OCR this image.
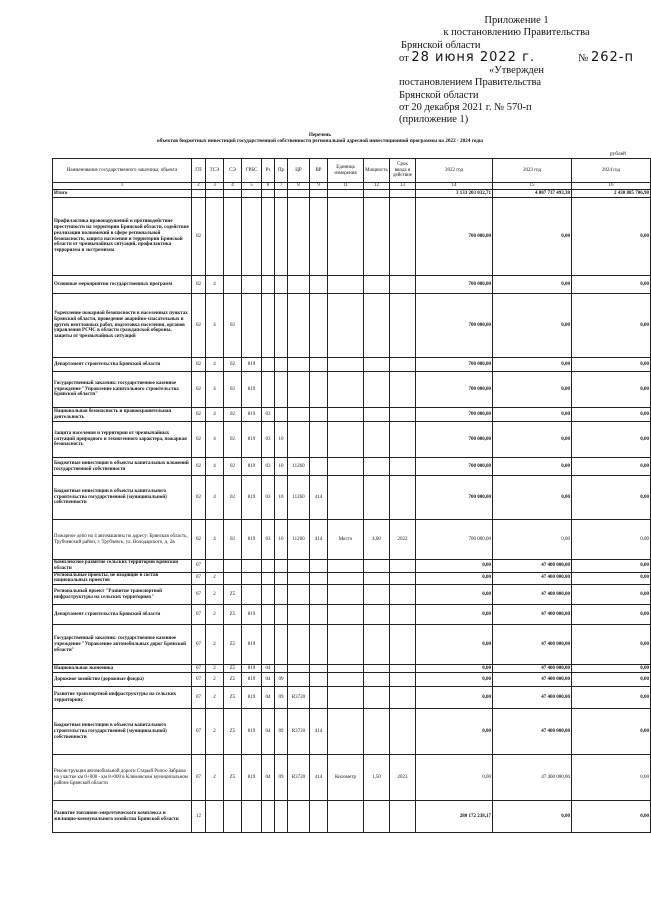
Приложение 1
к постановлению Правительства
Брянской области
от 28 июня 2022 г.	№ 262-п
«Утвержден
постановлением Правительства
Брянской области
от 20 декабря 2021 г. № 570-п
(приложение 1)
Перечень
объектов бюджетных инвестиций государственной собственности региональной адресной инвестиционной программы на 2022 - 2024 годы
рублей
Наименование государственного заказчика, объекта	ГП	ТСЭ	СЭ	ГРБС	Рз	Пр	ЦР	ВР	Единица измерения	Мощность	Срок ввода в действие	2022 год	2023 год	2024 год
1	2	3	4	5	6	7	8	9	11	12	13	14	15	16
Итого												3 133 203 032,71	4 807 737 493,38	2 430 885 706,98
Профилактика правонарушений и противодействие преступности на территории Брянской области, содействие реализации полномочий в сфере региональной безопасности, защита населения и территории Брянской области от чрезвычайных ситуаций, профилактика терроризма и экстремизма	02											700 000,00	0,00	0,00
Основные мероприятия государственных программ	02	4										700 000,00	0,00	0,00
Укрепление пожарной безопасности в населенных пунктах Брянской области, проведение аварийно-спасательных и других неотложных работ, подготовка населения, органов управления РСЧС в области гражданской обороны, защиты от чрезвычайных ситуаций	02	4	02									700 000,00	0,00	0,00
Департамент строительства Брянской области	02	4	02	819								700 000,00	0,00	0,00
Государственный заказчик: государственное казенное учреждение "Управление капитального строительства Брянской области"	02	4	02	819								700 000,00	0,00	0,00
Национальная безопасность и правоохранительная деятельность	02	4	02	819	03							700 000,00	0,00	0,00
Защита населения и территории от чрезвычайных ситуаций природного и техногенного характера, пожарная безопасность	02	4	02	819	03	10						700 000,00	0,00	0,00
Бюджетные инвестиции в объекты капитальных вложений государственной собственности	02	4	02	819	03	10	11260					700 000,00	0,00	0,00
Бюджетные инвестиции в объекты капитального строительства государственной (муниципальной) собственности	02	4	02	819	03	10	11260	414				700 000,00	0,00	0,00
Пожарное депо на 4 автомашины по адресу: Брянская область, Трубчевский район, г. Трубчевск, ул. Володарского, д. 2в	02	4	02	819	03	10	11260	414	Место	4,00	2022	700 000,00	0,00	0,00
Комплексное развитие сельских территорий Брянской области	07											0,00	47 400 000,00	0,00
Региональные проекты, не входящие в состав национальных проектов	07	2										0,00	47 400 000,00	0,00
Региональный проект "Развитие транспортной инфраструктуры на сельских территориях"	07	2	Z5									0,00	47 400 000,00	0,00
Департамент строительства Брянской области	07	2	Z5	819								0,00	47 400 000,00	0,00
Государственный заказчик: государственное казенное учреждение "Управление автомобильных дорог Брянской области"	07	2	Z5	819								0,00	47 400 000,00	0,00
Национальная экономика	07	2	Z5	819	04							0,00	47 400 000,00	0,00
Дорожное хозяйство (дорожные фонды)	07	2	Z5	819	04	09						0,00	47 400 000,00	0,00
Развитие транспортной инфраструктуры на сельских территориях	07	2	Z5	819	04	09	R3720					0,00	47 400 000,00	0,00
Бюджетные инвестиции в объекты капитального строительства государственной (муниципальной) собственности	07	2	Z5	819	04	09	R3720	414				0,00	47 400 000,00	0,00
Реконструкция автомобильной дороги Старый Ропск-Забрама на участке км 0+000 - км 8+000 в Климовском муниципальном районе Брянской области	07	2	Z5	819	04	09	R3720	414	Километр	1,50	2023	0,00	47 400 000,00	0,00
Развитие топливно-энергетического комплекса и жилищно-коммунального хозяйства Брянской области	12											280 172 238,17	0,00	0,00
